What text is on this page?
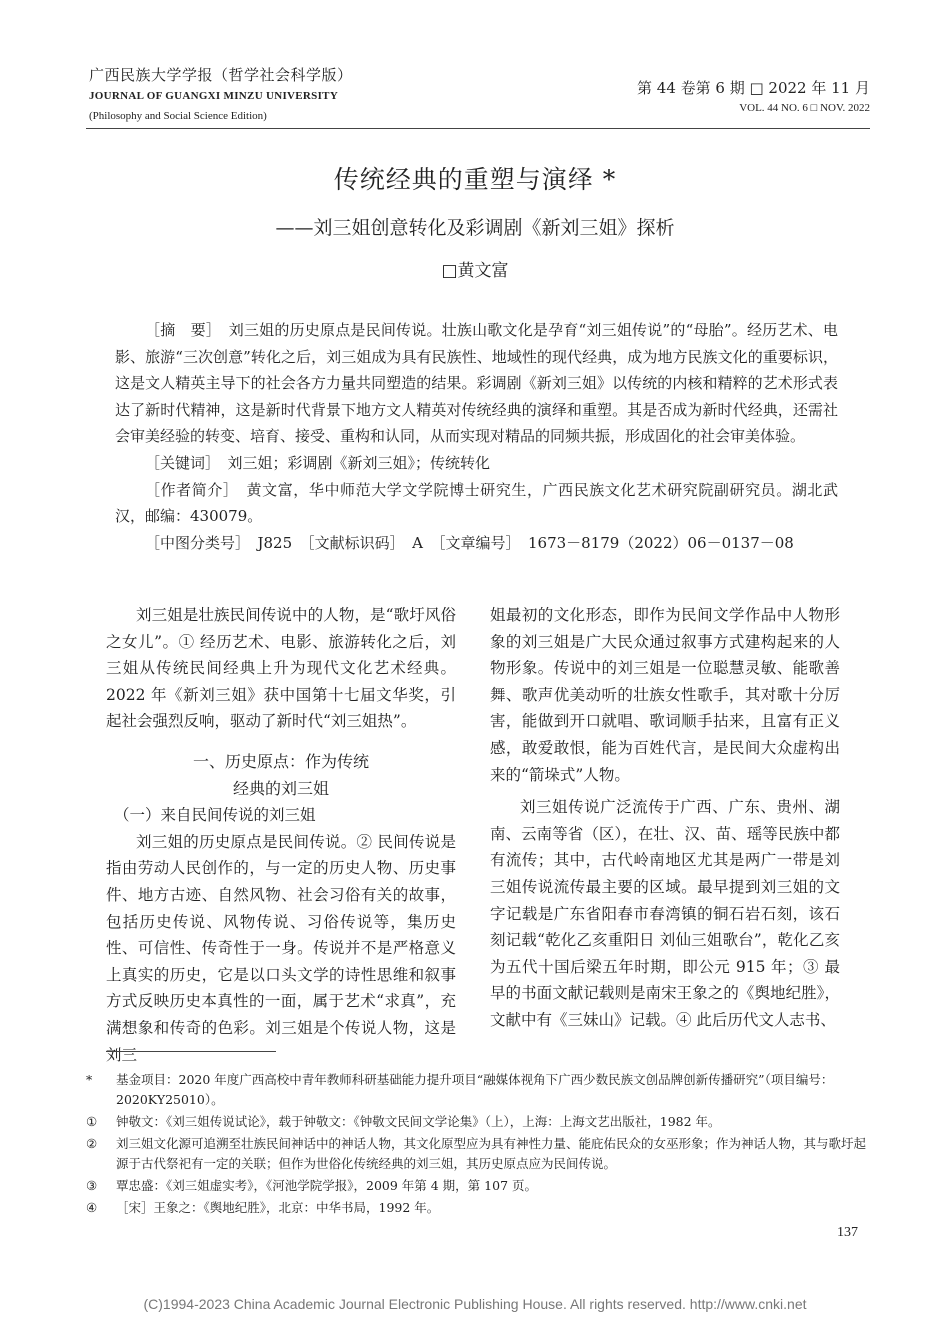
广西民族大学学报（哲学社会科学版）
JOURNAL OF GUANGXI MINZU UNIVERSITY
(Philosophy and Social Science Edition)
第 44 卷第 6 期 □ 2022 年 11 月
VOL. 44 NO. 6 □ NOV. 2022
传统经典的重塑与演绎 *
——刘三姐创意转化及彩调剧《新刘三姐》探析
□黄文富

［摘　要］　刘三姐的历史原点是民间传说。壮族山歌文化是孕育“刘三姐传说”的“母胎”。经历艺术、电影、旅游“三次创意”转化之后，刘三姐成为具有民族性、地域性的现代经典，成为地方民族文化的重要标识，这是文人精英主导下的社会各方力量共同塑造的结果。彩调剧《新刘三姐》以传统的内核和精粹的艺术形式表达了新时代精神，这是新时代背景下地方文人精英对传统经典的演绎和重塑。其是否成为新时代经典，还需社会审美经验的转变、培育、接受、重构和认同，从而实现对精品的同频共振，形成固化的社会审美体验。

［关键词］　刘三姐；彩调剧《新刘三姐》；传统转化

［作者简介］　黄文富，华中师范大学文学院博士研究生，广西民族文化艺术研究院副研究员。湖北武汉，邮编：430079。

［中图分类号］　J825　［文献标识码］　A　［文章编号］　1673－8179（2022）06－0137－08

刘三姐是壮族民间传说中的人物，是“歌圩风俗之女儿”。① 经历艺术、电影、旅游转化之后，刘三姐从传统民间经典上升为现代文化艺术经典。2022 年《新刘三姐》获中国第十七届文华奖，引起社会强烈反响，驱动了新时代“刘三姐热”。

一、历史原点：作为传统

经典的刘三姐

（一）来自民间传说的刘三姐

刘三姐的历史原点是民间传说。② 民间传说是指由劳动人民创作的，与一定的历史人物、历史事件、地方古迹、自然风物、社会习俗有关的故事，包括历史传说、风物传说、习俗传说等，集历史性、可信性、传奇性于一身。传说并不是严格意义上真实的历史，它是以口头文学的诗性思维和叙事方式反映历史本真性的一面，属于艺术“求真”，充满想象和传奇的色彩。刘三姐是个传说人物，这是刘三

姐最初的文化形态，即作为民间文学作品中人物形象的刘三姐是广大民众通过叙事方式建构起来的人物形象。传说中的刘三姐是一位聪慧灵敏、能歌善舞、歌声优美动听的壮族女性歌手，其对歌十分厉害，能做到开口就唱、歌词顺手拈来，且富有正义感，敢爱敢恨，能为百姓代言，是民间大众虚构出来的“箭垛式”人物。

刘三姐传说广泛流传于广西、广东、贵州、湖南、云南等省（区），在壮、汉、苗、瑶等民族中都有流传；其中，古代岭南地区尤其是两广一带是刘三姐传说流传最主要的区域。最早提到刘三姐的文字记载是广东省阳春市春湾镇的铜石岩石刻，该石刻记载“乾化乙亥重阳日 刘仙三姐歌台”，乾化乙亥为五代十国后梁五年时期，即公元 915 年；③ 最早的书面文献记载则是南宋王象之的《舆地纪胜》，文献中有《三妹山》记载。④ 此后历代文人志书、

*	基金项目：2020 年度广西高校中青年教师科研基础能力提升项目“融媒体视角下广西少数民族文创品牌创新传播研究”（项目编号：2020KY25010）。
①	钟敬文：《刘三姐传说试论》，载于钟敬文：《钟敬文民间文学论集》（上），上海：上海文艺出版社，1982 年。
②	刘三姐文化源可追溯至壮族民间神话中的神话人物，其文化原型应为具有神性力量、能庇佑民众的女巫形象；作为神话人物，其与歌圩起源于古代祭祀有一定的关联；但作为世俗化传统经典的刘三姐，其历史原点应为民间传说。
③	覃忠盛：《刘三姐虚实考》，《河池学院学报》，2009 年第 4 期，第 107 页。
④	［宋］王象之：《舆地纪胜》，北京：中华书局，1992 年。
137
(C)1994-2023 China Academic Journal Electronic Publishing House. All rights reserved. http://www.cnki.net
